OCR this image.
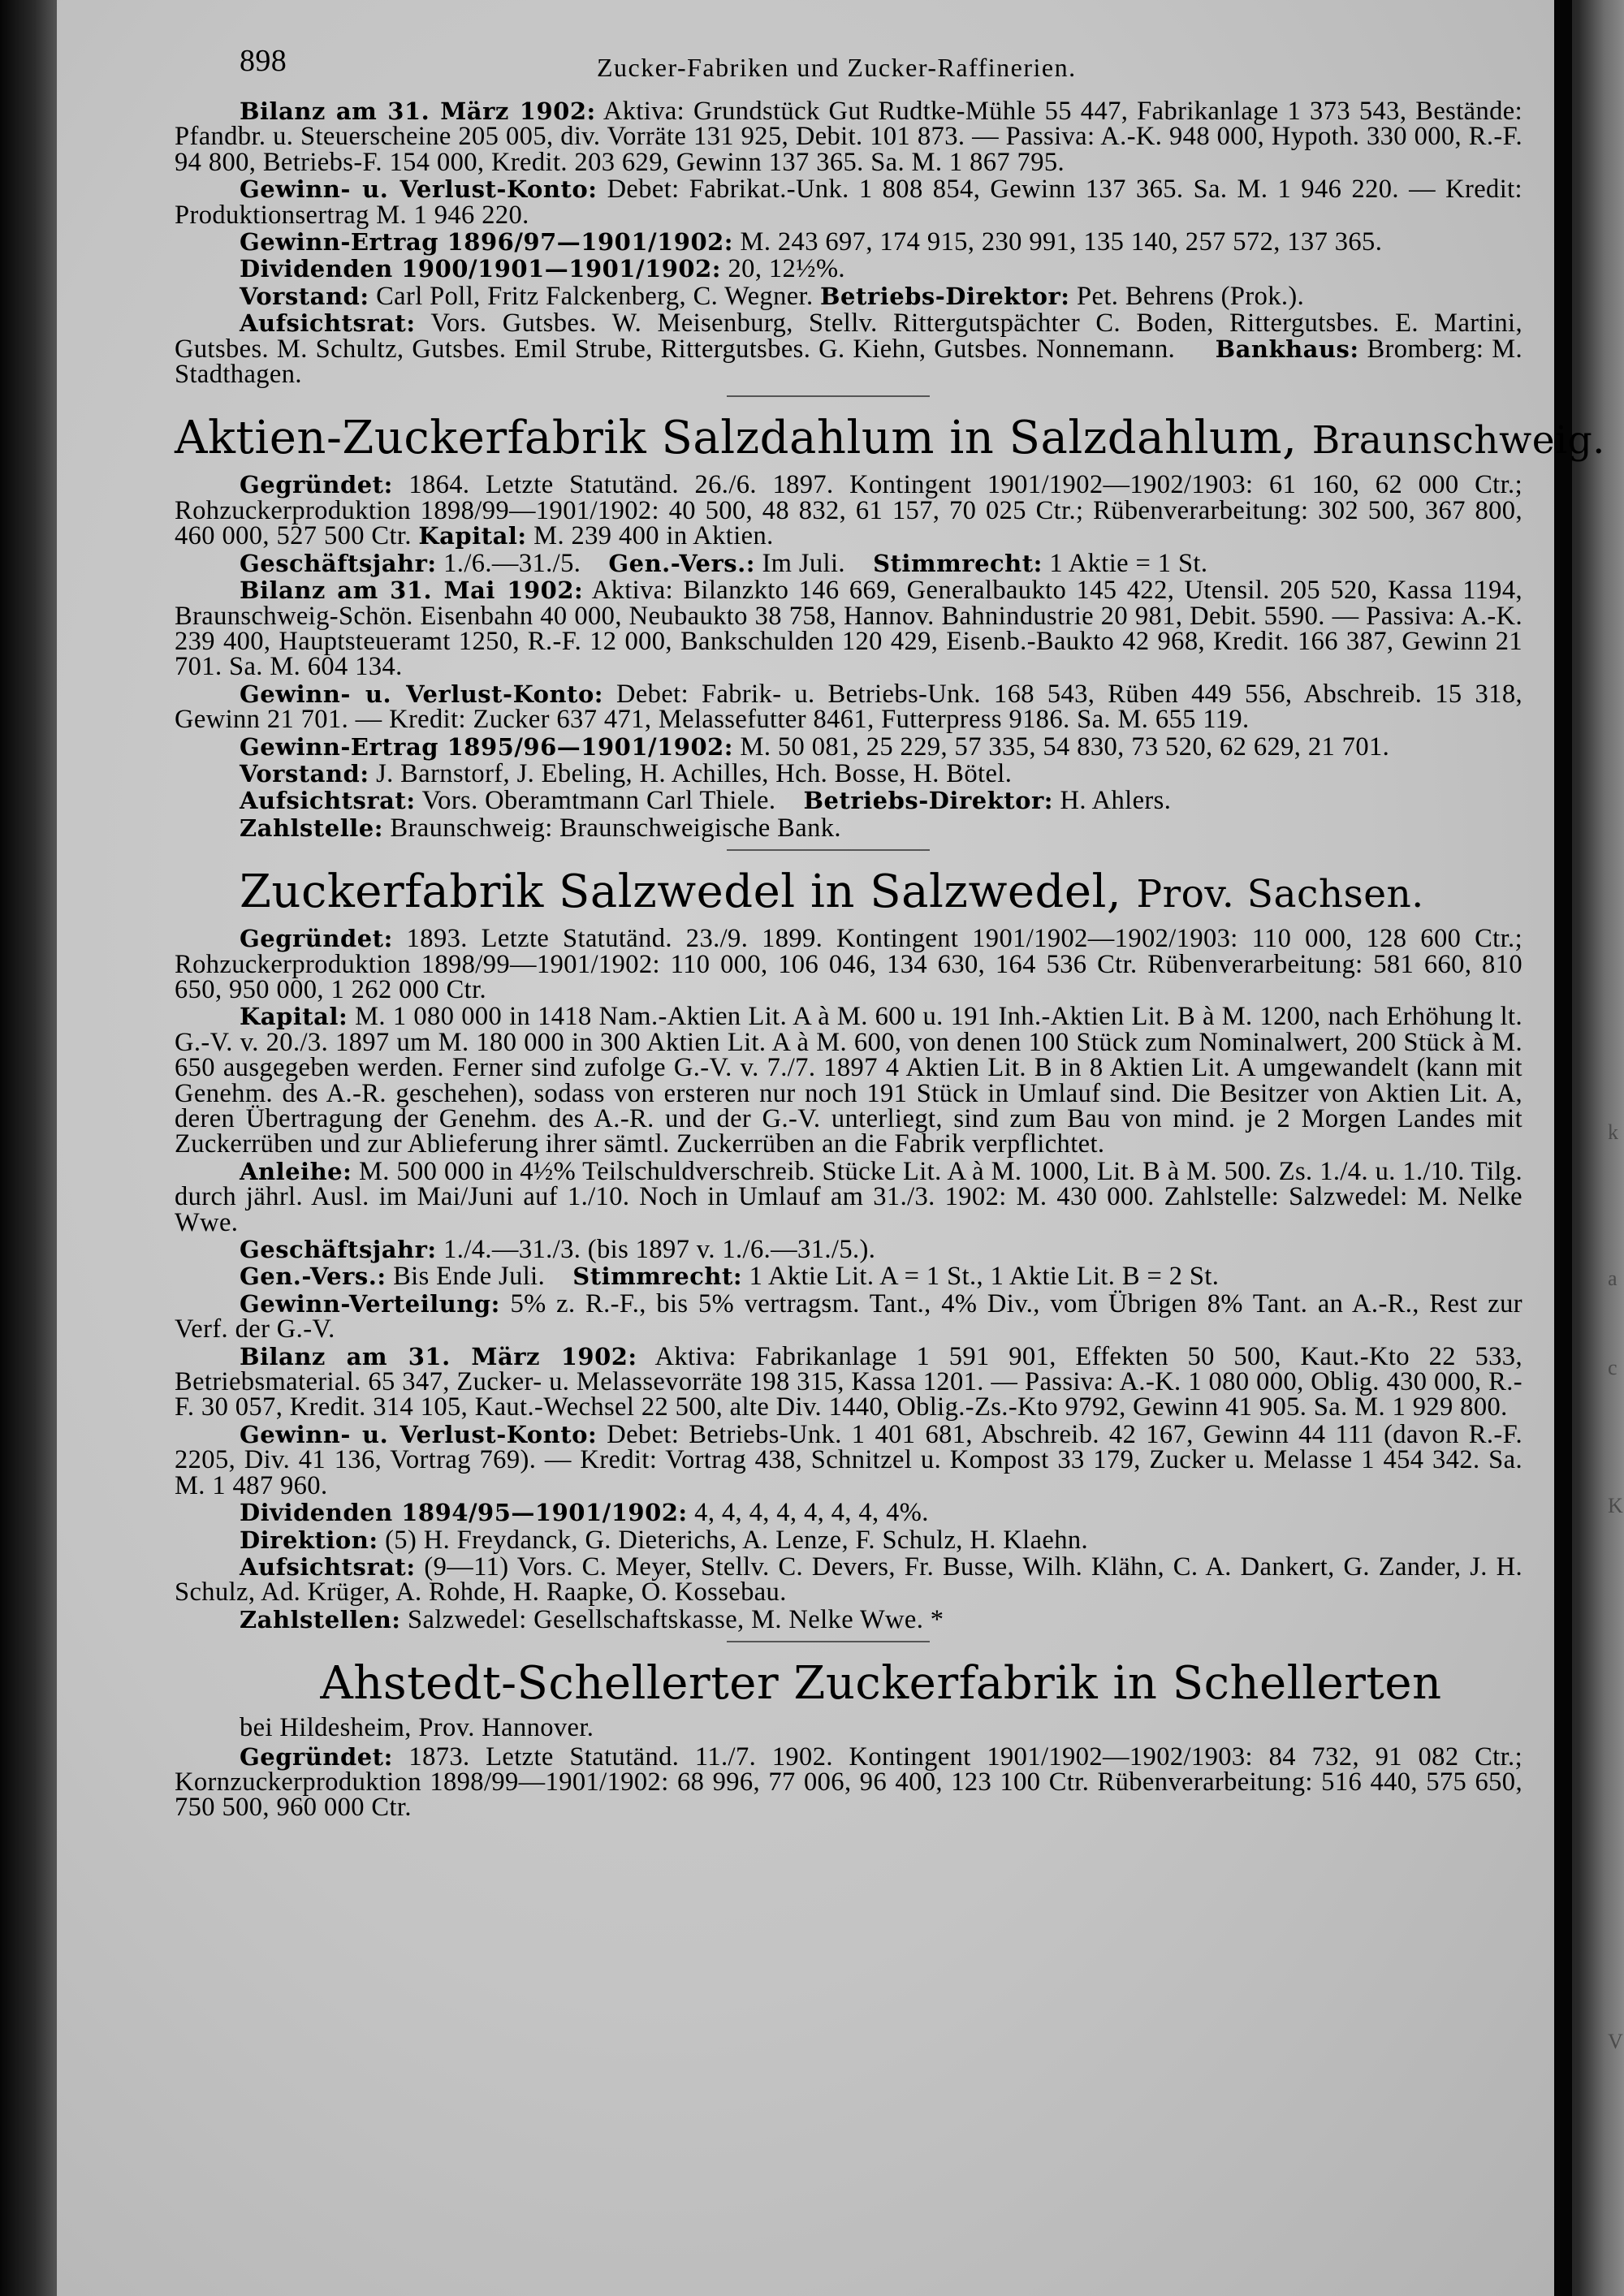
k
a
c
K
V
898	Zucker-Fabriken und Zucker-Raffinerien.

Bilanz am 31. März 1902: Aktiva: Grundstück Gut Rudtke-Mühle 55 447, Fabrikanlage 1 373 543, Bestände: Pfandbr. u. Steuerscheine 205 005, div. Vorräte 131 925, Debit. 101 873. — Passiva: A.-K. 948 000, Hypoth. 330 000, R.-F. 94 800, Betriebs-F. 154 000, Kredit. 203 629, Gewinn 137 365. Sa. M. 1 867 795.

Gewinn- u. Verlust-Konto: Debet: Fabrikat.-Unk. 1 808 854, Gewinn 137 365. Sa. M. 1 946 220. — Kredit: Produktionsertrag M. 1 946 220.

Gewinn-Ertrag 1896/97—1901/1902: M. 243 697, 174 915, 230 991, 135 140, 257 572, 137 365.

Dividenden 1900/1901—1901/1902: 20, 12½%.

Vorstand: Carl Poll, Fritz Falckenberg, C. Wegner. Betriebs-Direktor: Pet. Behrens (Prok.).

Aufsichtsrat: Vors. Gutsbes. W. Meisenburg, Stellv. Rittergutspächter C. Boden, Rittergutsbes. E. Martini, Gutsbes. M. Schultz, Gutsbes. Emil Strube, Rittergutsbes. G. Kiehn, Gutsbes. Nonnemann. Bankhaus: Bromberg: M. Stadthagen.

Aktien-Zuckerfabrik Salzdahlum in Salzdahlum, Braunschweig.

Gegründet: 1864. Letzte Statutänd. 26./6. 1897. Kontingent 1901/1902—1902/1903: 61 160, 62 000 Ctr.; Rohzuckerproduktion 1898/99—1901/1902: 40 500, 48 832, 61 157, 70 025 Ctr.; Rübenverarbeitung: 302 500, 367 800, 460 000, 527 500 Ctr. Kapital: M. 239 400 in Aktien.

Geschäftsjahr: 1./6.—31./5. Gen.-Vers.: Im Juli. Stimmrecht: 1 Aktie = 1 St.

Bilanz am 31. Mai 1902: Aktiva: Bilanzkto 146 669, Generalbaukto 145 422, Utensil. 205 520, Kassa 1194, Braunschweig-Schön. Eisenbahn 40 000, Neubaukto 38 758, Hannov. Bahnindustrie 20 981, Debit. 5590. — Passiva: A.-K. 239 400, Hauptsteueramt 1250, R.-F. 12 000, Bankschulden 120 429, Eisenb.-Baukto 42 968, Kredit. 166 387, Gewinn 21 701. Sa. M. 604 134.

Gewinn- u. Verlust-Konto: Debet: Fabrik- u. Betriebs-Unk. 168 543, Rüben 449 556, Abschreib. 15 318, Gewinn 21 701. — Kredit: Zucker 637 471, Melassefutter 8461, Futterpress 9186. Sa. M. 655 119.

Gewinn-Ertrag 1895/96—1901/1902: M. 50 081, 25 229, 57 335, 54 830, 73 520, 62 629, 21 701.

Vorstand: J. Barnstorf, J. Ebeling, H. Achilles, Hch. Bosse, H. Bötel.

Aufsichtsrat: Vors. Oberamtmann Carl Thiele. Betriebs-Direktor: H. Ahlers.

Zahlstelle: Braunschweig: Braunschweigische Bank.

Zuckerfabrik Salzwedel in Salzwedel, Prov. Sachsen.

Gegründet: 1893. Letzte Statutänd. 23./9. 1899. Kontingent 1901/1902—1902/1903: 110 000, 128 600 Ctr.; Rohzuckerproduktion 1898/99—1901/1902: 110 000, 106 046, 134 630, 164 536 Ctr. Rübenverarbeitung: 581 660, 810 650, 950 000, 1 262 000 Ctr.

Kapital: M. 1 080 000 in 1418 Nam.-Aktien Lit. A à M. 600 u. 191 Inh.-Aktien Lit. B à M. 1200, nach Erhöhung lt. G.-V. v. 20./3. 1897 um M. 180 000 in 300 Aktien Lit. A à M. 600, von denen 100 Stück zum Nominalwert, 200 Stück à M. 650 ausgegeben werden. Ferner sind zufolge G.-V. v. 7./7. 1897 4 Aktien Lit. B in 8 Aktien Lit. A umgewandelt (kann mit Genehm. des A.-R. geschehen), sodass von ersteren nur noch 191 Stück in Umlauf sind. Die Besitzer von Aktien Lit. A, deren Übertragung der Genehm. des A.-R. und der G.-V. unterliegt, sind zum Bau von mind. je 2 Morgen Landes mit Zuckerrüben und zur Ablieferung ihrer sämtl. Zuckerrüben an die Fabrik verpflichtet.

Anleihe: M. 500 000 in 4½% Teilschuldverschreib. Stücke Lit. A à M. 1000, Lit. B à M. 500. Zs. 1./4. u. 1./10. Tilg. durch jährl. Ausl. im Mai/Juni auf 1./10. Noch in Umlauf am 31./3. 1902: M. 430 000. Zahlstelle: Salzwedel: M. Nelke Wwe.

Geschäftsjahr: 1./4.—31./3. (bis 1897 v. 1./6.—31./5.).

Gen.-Vers.: Bis Ende Juli. Stimmrecht: 1 Aktie Lit. A = 1 St., 1 Aktie Lit. B = 2 St.

Gewinn-Verteilung: 5% z. R.-F., bis 5% vertragsm. Tant., 4% Div., vom Übrigen 8% Tant. an A.-R., Rest zur Verf. der G.-V.

Bilanz am 31. März 1902: Aktiva: Fabrikanlage 1 591 901, Effekten 50 500, Kaut.-Kto 22 533, Betriebsmaterial. 65 347, Zucker- u. Melassevorräte 198 315, Kassa 1201. — Passiva: A.-K. 1 080 000, Oblig. 430 000, R.-F. 30 057, Kredit. 314 105, Kaut.-Wechsel 22 500, alte Div. 1440, Oblig.-Zs.-Kto 9792, Gewinn 41 905. Sa. M. 1 929 800.

Gewinn- u. Verlust-Konto: Debet: Betriebs-Unk. 1 401 681, Abschreib. 42 167, Gewinn 44 111 (davon R.-F. 2205, Div. 41 136, Vortrag 769). — Kredit: Vortrag 438, Schnitzel u. Kompost 33 179, Zucker u. Melasse 1 454 342. Sa. M. 1 487 960.

Dividenden 1894/95—1901/1902: 4, 4, 4, 4, 4, 4, 4, 4%.

Direktion: (5) H. Freydanck, G. Dieterichs, A. Lenze, F. Schulz, H. Klaehn.

Aufsichtsrat: (9—11) Vors. C. Meyer, Stellv. C. Devers, Fr. Busse, Wilh. Klähn, C. A. Dankert, G. Zander, J. H. Schulz, Ad. Krüger, A. Rohde, H. Raapke, O. Kossebau.

Zahlstellen: Salzwedel: Gesellschaftskasse, M. Nelke Wwe. *

Ahstedt-Schellerter Zuckerfabrik in Schellerten

bei Hildesheim, Prov. Hannover.

Gegründet: 1873. Letzte Statutänd. 11./7. 1902. Kontingent 1901/1902—1902/1903: 84 732, 91 082 Ctr.; Kornzuckerproduktion 1898/99—1901/1902: 68 996, 77 006, 96 400, 123 100 Ctr. Rübenverarbeitung: 516 440, 575 650, 750 500, 960 000 Ctr.
